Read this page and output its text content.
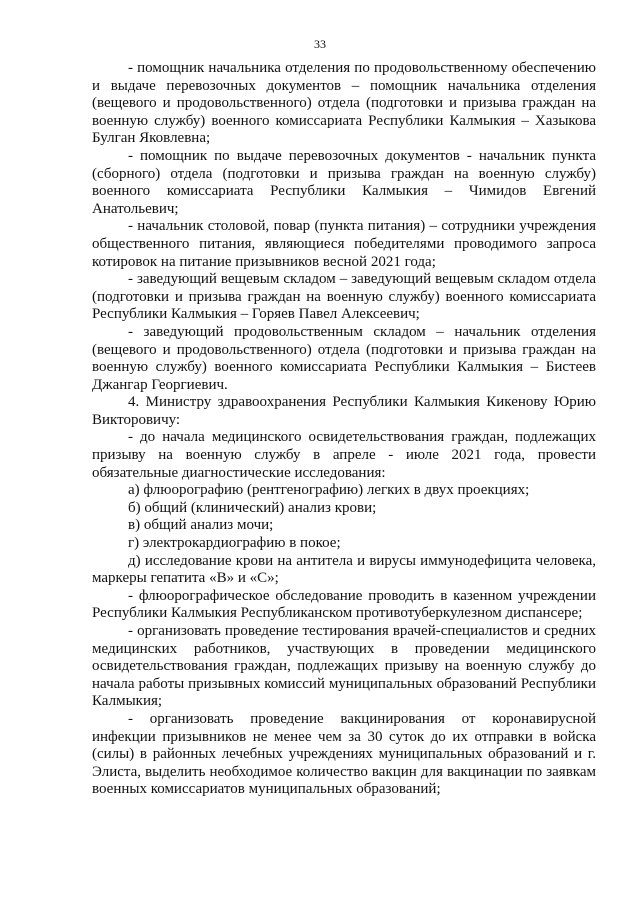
33

- помощник начальника отделения по продовольственному обеспечению и выдаче перевозочных документов – помощник начальника отделения (вещевого и продовольственного) отдела (подготовки и призыва граждан на военную службу) военного комиссариата Республики Калмыкия – Хазыкова Булган Яковлевна;

- помощник по выдаче перевозочных документов - начальник пункта (сборного) отдела (подготовки и призыва граждан на военную службу) военного комиссариата Республики Калмыкия – Чимидов Евгений Анатольевич;

- начальник столовой, повар (пункта питания) – сотрудники учреждения общественного питания, являющиеся победителями проводимого запроса котировок на питание призывников весной 2021 года;

- заведующий вещевым складом – заведующий вещевым складом отдела (подготовки и призыва граждан на военную службу) военного комиссариата Республики Калмыкия – Горяев Павел Алексеевич;

- заведующий продовольственным складом – начальник отделения (вещевого и продовольственного) отдела (подготовки и призыва граждан на военную службу) военного комиссариата Республики Калмыкия – Бистеев Джангар Георгиевич.

4. Министру здравоохранения Республики Калмыкия Кикенову Юрию Викторовичу:

- до начала медицинского освидетельствования граждан, подлежащих призыву на военную службу в апреле - июле 2021 года, провести обязательные диагностические исследования:

а) флюорографию (рентгенографию) легких в двух проекциях;

б) общий (клинический) анализ крови;

в) общий анализ мочи;

г) электрокардиографию в покое;

д) исследование крови на антитела и вирусы иммунодефицита человека, маркеры гепатита «В» и «С»;

- флюорографическое обследование проводить в казенном учреждении Республики Калмыкия Республиканском противотуберкулезном диспансере;

- организовать проведение тестирования врачей-специалистов и средних медицинских работников, участвующих в проведении медицинского освидетельствования граждан, подлежащих призыву на военную службу до начала работы призывных комиссий муниципальных образований Республики Калмыкия;

- организовать проведение вакцинирования от коронавирусной инфекции призывников не менее чем за 30 суток до их отправки в войска (силы) в районных лечебных учреждениях муниципальных образований и г. Элиста, выделить необходимое количество вакцин для вакцинации по заявкам военных комиссариатов муниципальных образований;
